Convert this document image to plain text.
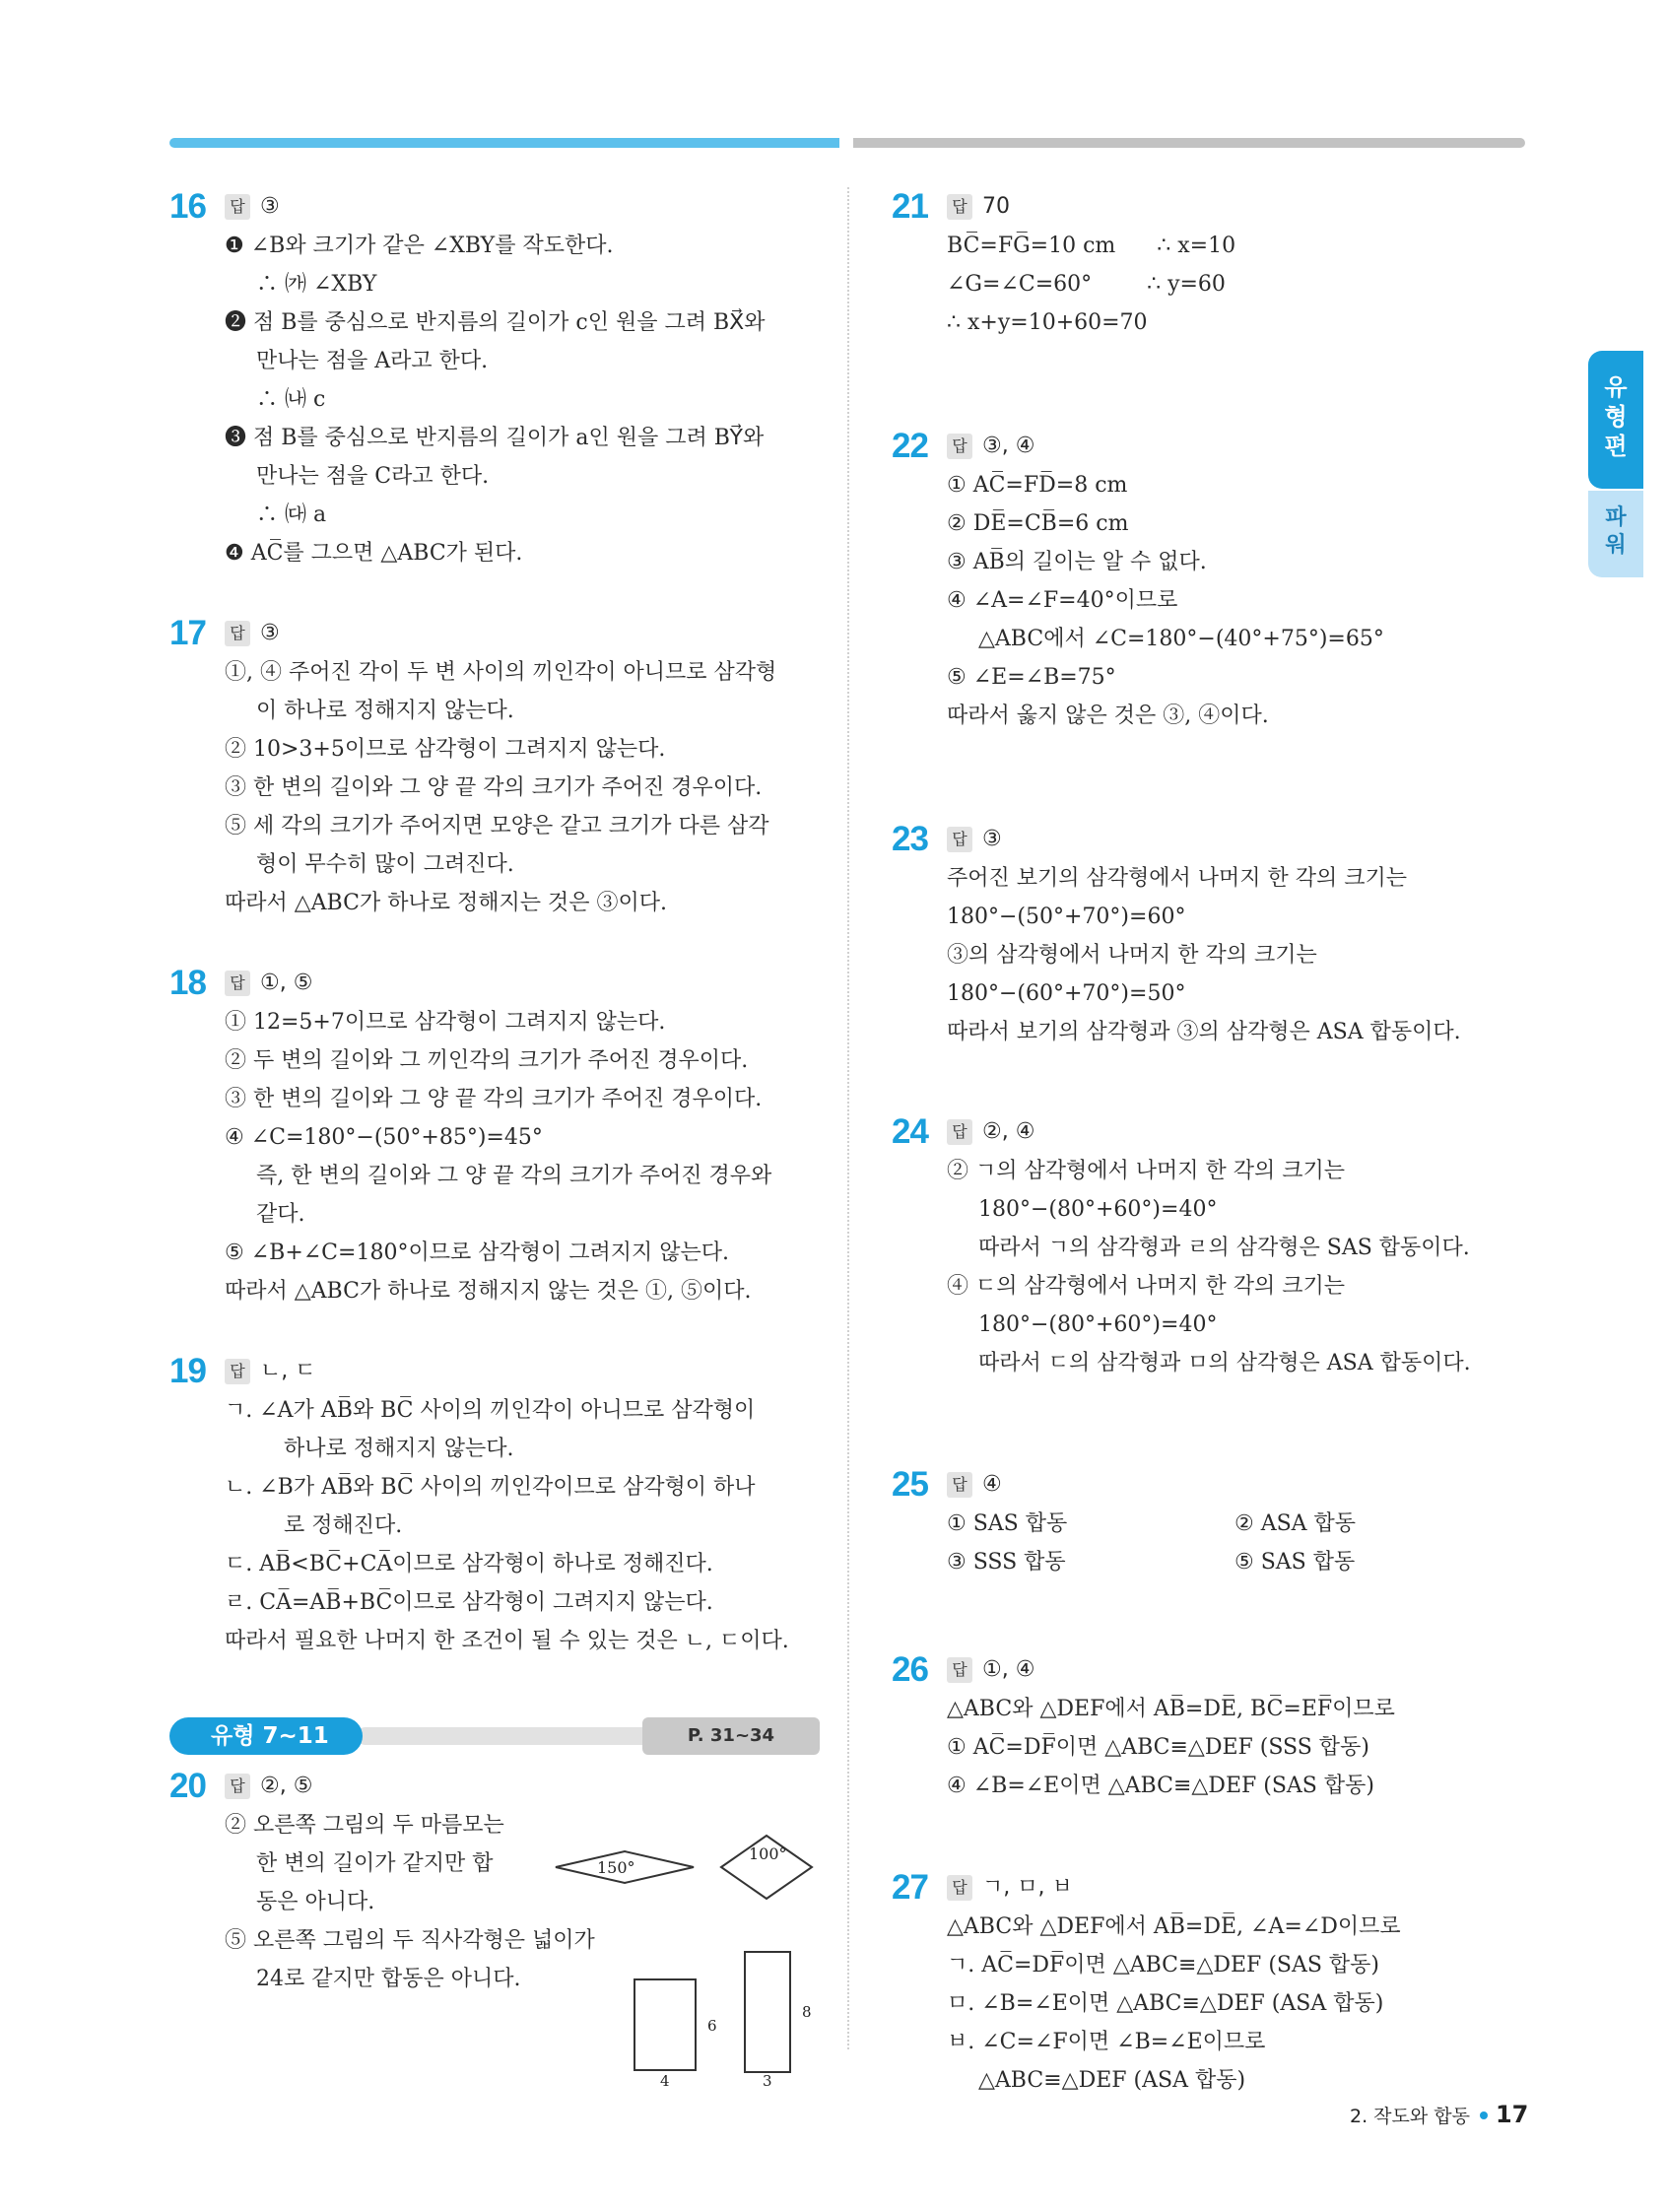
유형편
파워
16	답 ③
❶ ∠B와 크기가 같은 ∠XBY를 작도한다.
∴ ㈎ ∠XBY
❷ 점 B를 중심으로 반지름의 길이가 c인 원을 그려 BX⃗와
만나는 점을 A라고 한다.
∴ ㈏ c
❸ 점 B를 중심으로 반지름의 길이가 a인 원을 그려 BY⃗와
만나는 점을 C라고 한다.
∴ ㈐ a
❹ AC̅를 그으면 △ABC가 된다.
17	답 ③
①, ④ 주어진 각이 두 변 사이의 끼인각이 아니므로 삼각형
이 하나로 정해지지 않는다.
② 10>3+5이므로 삼각형이 그려지지 않는다.
③ 한 변의 길이와 그 양 끝 각의 크기가 주어진 경우이다.
⑤ 세 각의 크기가 주어지면 모양은 같고 크기가 다른 삼각
형이 무수히 많이 그려진다.
따라서 △ABC가 하나로 정해지는 것은 ③이다.
18	답 ①, ⑤
① 12=5+7이므로 삼각형이 그려지지 않는다.
② 두 변의 길이와 그 끼인각의 크기가 주어진 경우이다.
③ 한 변의 길이와 그 양 끝 각의 크기가 주어진 경우이다.
④ ∠C=180°−(50°+85°)=45°
즉, 한 변의 길이와 그 양 끝 각의 크기가 주어진 경우와
같다.
⑤ ∠B+∠C=180°이므로 삼각형이 그려지지 않는다.
따라서 △ABC가 하나로 정해지지 않는 것은 ①, ⑤이다.
19	답 ㄴ, ㄷ
ㄱ. ∠A가 AB̅와 BC̅ 사이의 끼인각이 아니므로 삼각형이
하나로 정해지지 않는다.
ㄴ. ∠B가 AB̅와 BC̅ 사이의 끼인각이므로 삼각형이 하나
로 정해진다.
ㄷ. AB̅<BC̅+CA̅이므로 삼각형이 하나로 정해진다.
ㄹ. CA̅=AB̅+BC̅이므로 삼각형이 그려지지 않는다.
따라서 필요한 나머지 한 조건이 될 수 있는 것은 ㄴ, ㄷ이다.
P. 31~34
유형 7~11
20	답 ②, ⑤
② 오른쪽 그림의 두 마름모는
한 변의 길이가 같지만 합
동은 아니다.
⑤ 오른쪽 그림의 두 직사각형은 넓이가
24로 같지만 합동은 아니다.
150°
100°
6
4
8
3
21	답 70
BC̅=FG̅=10 cm      ∴ x=10
∠G=∠C=60°        ∴ y=60
∴ x+y=10+60=70
22	답 ③, ④
① AC̅=FD̅=8 cm
② DE̅=CB̅=6 cm
③ AB̅의 길이는 알 수 없다.
④ ∠A=∠F=40°이므로
△ABC에서 ∠C=180°−(40°+75°)=65°
⑤ ∠E=∠B=75°
따라서 옳지 않은 것은 ③, ④이다.
23	답 ③
주어진 보기의 삼각형에서 나머지 한 각의 크기는
180°−(50°+70°)=60°
③의 삼각형에서 나머지 한 각의 크기는
180°−(60°+70°)=50°
따라서 보기의 삼각형과 ③의 삼각형은 ASA 합동이다.
24	답 ②, ④
② ㄱ의 삼각형에서 나머지 한 각의 크기는
180°−(80°+60°)=40°
따라서 ㄱ의 삼각형과 ㄹ의 삼각형은 SAS 합동이다.
④ ㄷ의 삼각형에서 나머지 한 각의 크기는
180°−(80°+60°)=40°
따라서 ㄷ의 삼각형과 ㅁ의 삼각형은 ASA 합동이다.
25	답 ④
① SAS 합동	② ASA 합동
③ SSS 합동	⑤ SAS 합동
26	답 ①, ④
△ABC와 △DEF에서 AB̅=DE̅, BC̅=EF̅이므로
① AC̅=DF̅이면 △ABC≡△DEF (SSS 합동)
④ ∠B=∠E이면 △ABC≡△DEF (SAS 합동)
27	답 ㄱ, ㅁ, ㅂ
△ABC와 △DEF에서 AB̅=DE̅, ∠A=∠D이므로
ㄱ. AC̅=DF̅이면 △ABC≡△DEF (SAS 합동)
ㅁ. ∠B=∠E이면 △ABC≡△DEF (ASA 합동)
ㅂ. ∠C=∠F이면 ∠B=∠E이므로
△ABC≡△DEF (ASA 합동)
2. 작도와 합동 17
